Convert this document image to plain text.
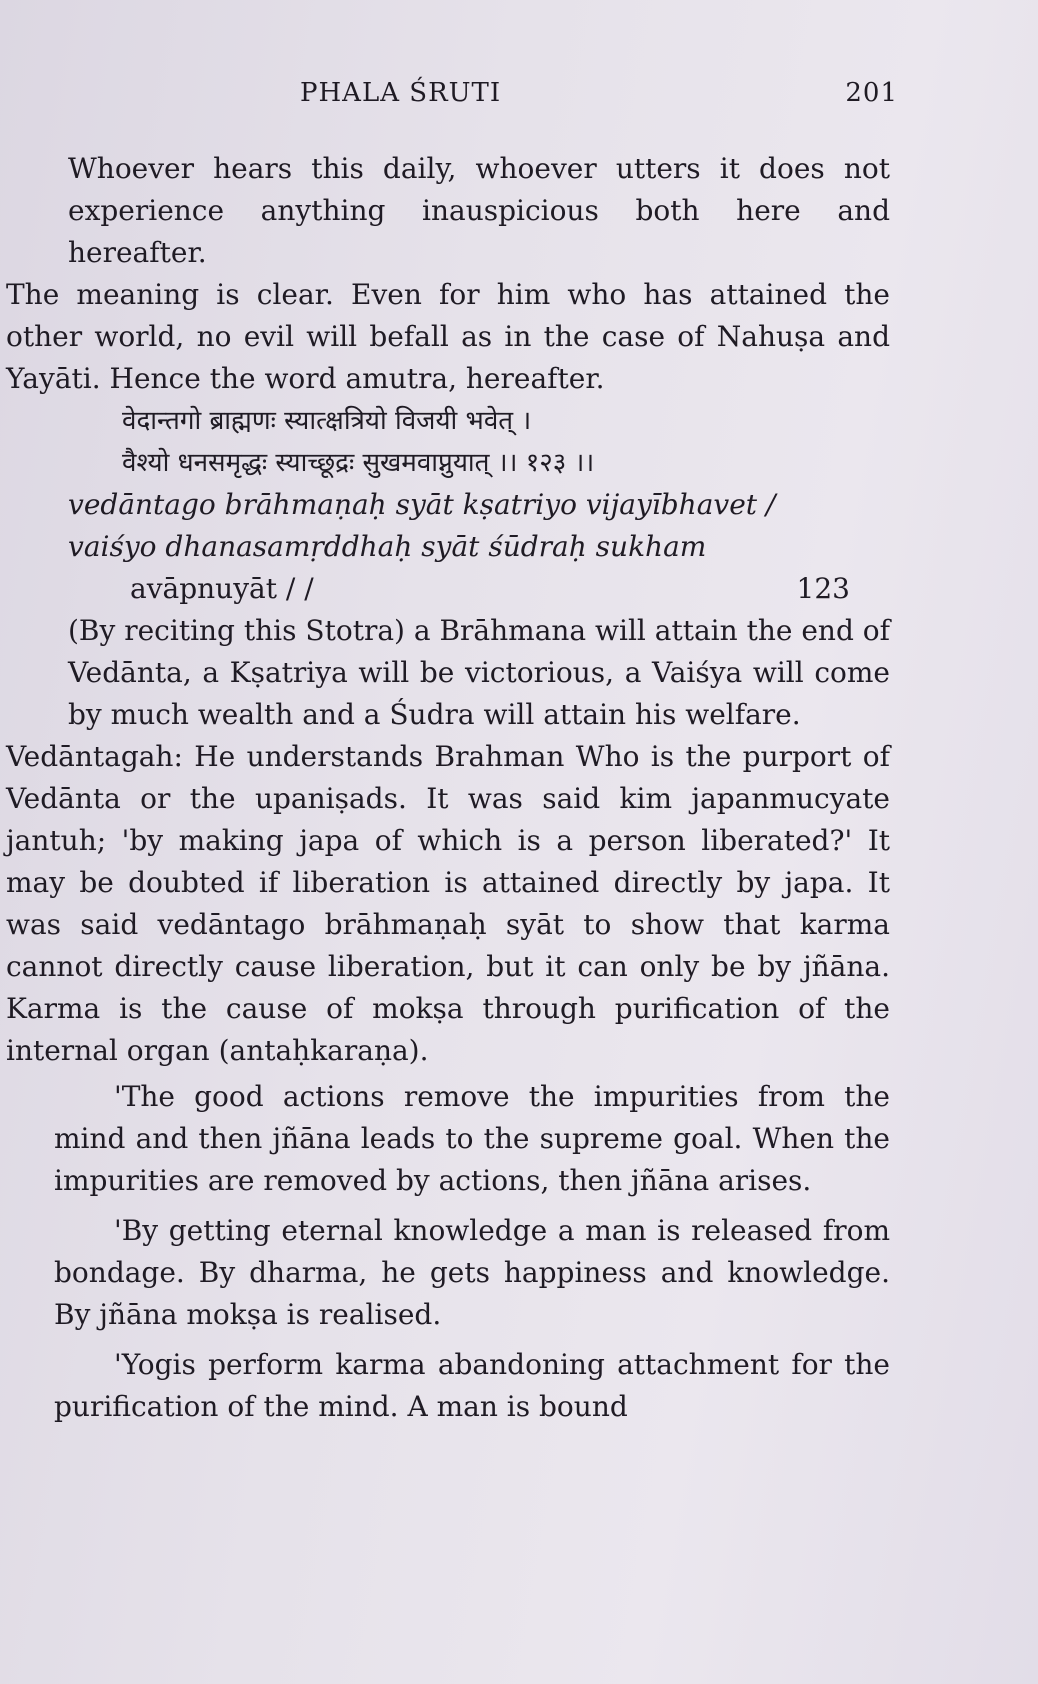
PHALA ŚRUTI	201

Whoever hears this daily, whoever utters it does not experience anything inauspicious both here and hereafter.

The meaning is clear. Even for him who has attained the other world, no evil will befall as in the case of Nahuṣa and Yayāti. Hence the word amutra, hereafter.

वेदान्तगो ब्राह्मणः स्यात्क्षत्रियो विजयी भवेत् ।

वैश्यो धनसमृद्धः स्याच्छूद्रः सुखमवाप्नुयात् ।। १२३ ।।

vedāntago brāhmaṇaḥ syāt kṣatriyo vijayībhavet /

vaiśyo dhanasamṛddhaḥ syāt śūdraḥ sukham

avāpnuyāt / /	123

(By reciting this Stotra) a Brāhmana will attain the end of Vedānta, a Kṣatriya will be victorious, a Vaiśya will come by much wealth and a Śudra will attain his welfare.

Vedāntagah: He understands Brahman Who is the purport of Vedānta or the upaniṣads. It was said kim japanmucyate jantuh; 'by making japa of which is a person liberated?' It may be doubted if liberation is attained directly by japa. It was said vedāntago brāhmaṇaḥ syāt to show that karma cannot directly cause liberation, but it can only be by jñāna. Karma is the cause of mokṣa through purification of the internal organ (antaḥkaraṇa).

'The good actions remove the impurities from the mind and then jñāna leads to the supreme goal. When the impurities are removed by actions, then jñāna arises.

'By getting eternal knowledge a man is released from bondage. By dharma, he gets happiness and knowledge. By jñāna mokṣa is realised.

'Yogis perform karma abandoning attachment for the purification of the mind. A man is bound
